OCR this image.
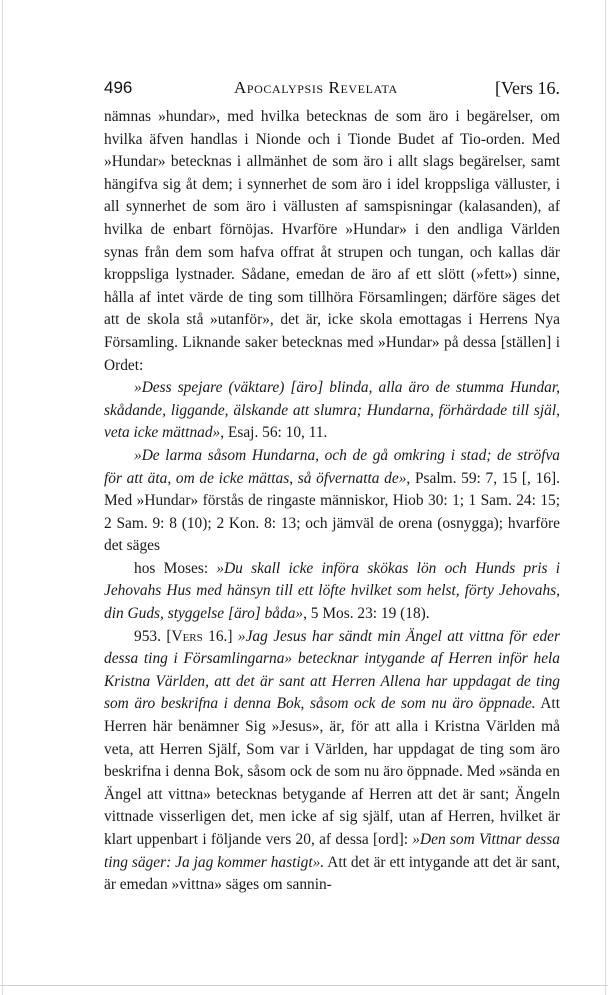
496	Apocalypsis Revelata	[Vers 16.

nämnas »hundar», med hvilka betecknas de som äro i begärelser, om hvilka äfven handlas i Nionde och i Tionde Budet af Tio-orden. Med »Hundar» betecknas i allmänhet de som äro i allt slags begärelser, samt hängifva sig åt dem; i synnerhet de som äro i idel kroppsliga välluster, i all synnerhet de som äro i vällusten af samspisningar (kalasanden), af hvilka de enbart förnöjas. Hvarföre »Hundar» i den andliga Världen synas från dem som hafva offrat åt strupen och tungan, och kallas där kroppsliga lystnader. Sådane, emedan de äro af ett slött (»fett») sinne, hålla af intet värde de ting som tillhöra Församlingen; därföre säges det att de skola stå »utanför», det är, icke skola emottagas i Herrens Nya Församling. Liknande saker betecknas med »Hundar» på dessa [ställen] i Ordet:

»Dess spejare (väktare) [äro] blinda, alla äro de stumma Hundar, skådande, liggande, älskande att slumra; Hundarna, förhärdade till själ, veta icke mättnad», Esaj. 56: 10, 11.

»De larma såsom Hundarna, och de gå omkring i stad; de ströfva för att äta, om de icke mättas, så öfvernatta de», Psalm. 59: 7, 15 [, 16]. Med »Hundar» förstås de ringaste människor, Hiob 30: 1; 1 Sam. 24: 15; 2 Sam. 9: 8 (10); 2 Kon. 8: 13; och jämväl de orena (osnygga); hvarföre det säges

hos Moses: »Du skall icke införa skökas lön och Hunds pris i Jehovahs Hus med hänsyn till ett löfte hvilket som helst, förty Jehovahs, din Guds, styggelse [äro] båda», 5 Mos. 23: 19 (18).

953. [Vers 16.] »Jag Jesus har sändt min Ängel att vittna för eder dessa ting i Församlingarna» betecknar intygande af Herren inför hela Kristna Världen, att det är sant att Herren Allena har uppdagat de ting som äro beskrifna i denna Bok, såsom ock de som nu äro öppnade. Att Herren här benämner Sig »Jesus», är, för att alla i Kristna Världen må veta, att Herren Själf, Som var i Världen, har uppdagat de ting som äro beskrifna i denna Bok, såsom ock de som nu äro öppnade. Med »sända en Ängel att vittna» betecknas betygande af Herren att det är sant; Ängeln vittnade visserligen det, men icke af sig själf, utan af Herren, hvilket är klart uppenbart i följande vers 20, af dessa [ord]: »Den som Vittnar dessa ting säger: Ja jag kommer hastigt». Att det är ett intygande att det är sant, är emedan »vittna» säges om sannin-
